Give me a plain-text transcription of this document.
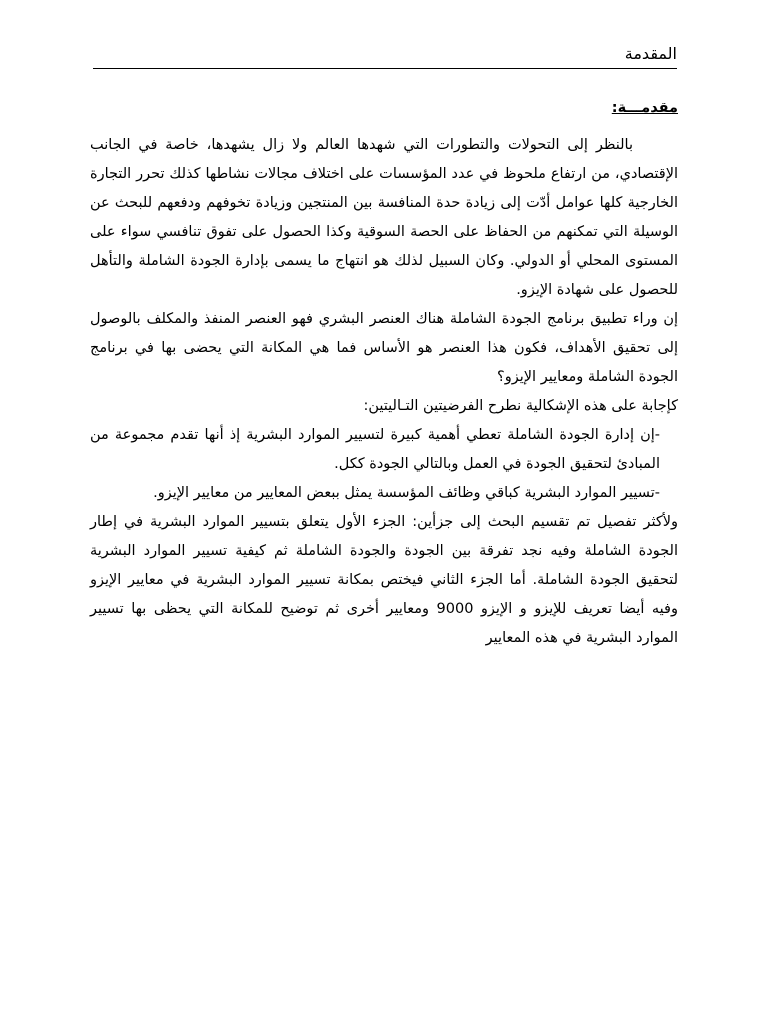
المقدمة
مقدمـــة:

بالنظر إلى التحولات والتطورات التي شهدها العالم ولا زال يشهدها، خاصة في الجانب الإقتصادي، من ارتفاع ملحوظ في عدد المؤسسات على اختلاف مجالات نشاطها كذلك تحرر التجارة الخارجية كلها عوامل أدّت إلى زيادة حدة المنافسة بين المنتجين وزيادة تخوفهم ودفعهم للبحث عن الوسيلة التي تمكنهم من الحفاظ على الحصة السوقية وكذا الحصول على تفوق تنافسي سواء على المستوى المحلي أو الدولي. وكان السبيل لذلك هو انتهاج ما يسمى بإدارة الجودة الشاملة والتأهل للحصول على شهادة الإيزو.

إن وراء تطبيق برنامج الجودة الشاملة هناك العنصر البشري فهو العنصر المنفذ والمكلف بالوصول إلى تحقيق الأهداف، فكون هذا العنصر هو الأساس فما هي المكانة التي يحضى بها في برنامج الجودة الشاملة ومعايير الإيزو؟

كإجابة على هذه الإشكالية نطرح الفرضيتين التـاليتين:

-إن إدارة الجودة الشاملة تعطي أهمية كبيرة لتسيير الموارد البشرية إذ أنها تقدم مجموعة من المبادئ لتحقيق الجودة في العمل وبالتالي الجودة ككل.

-تسيير الموارد البشرية كباقي وظائف المؤسسة يمثل ببعض المعايير من معايير الإيزو.

ولأكثر تفصيل تم تقسيم البحث إلى جزأين: الجزء الأول يتعلق بتسيير الموارد البشرية في إطار الجودة الشاملة وفيه نجد تفرقة بين الجودة والجودة الشاملة ثم كيفية تسيير الموارد البشرية لتحقيق الجودة الشاملة. أما الجزء الثاني فيختص بمكانة تسيير الموارد البشرية في معايير الإيزو وفيه أيضا تعريف للإيزو و الإيزو 9000 ومعايير أخرى ثم توضيح للمكانة التي يحظى بها تسيير الموارد البشرية في هذه المعايير
